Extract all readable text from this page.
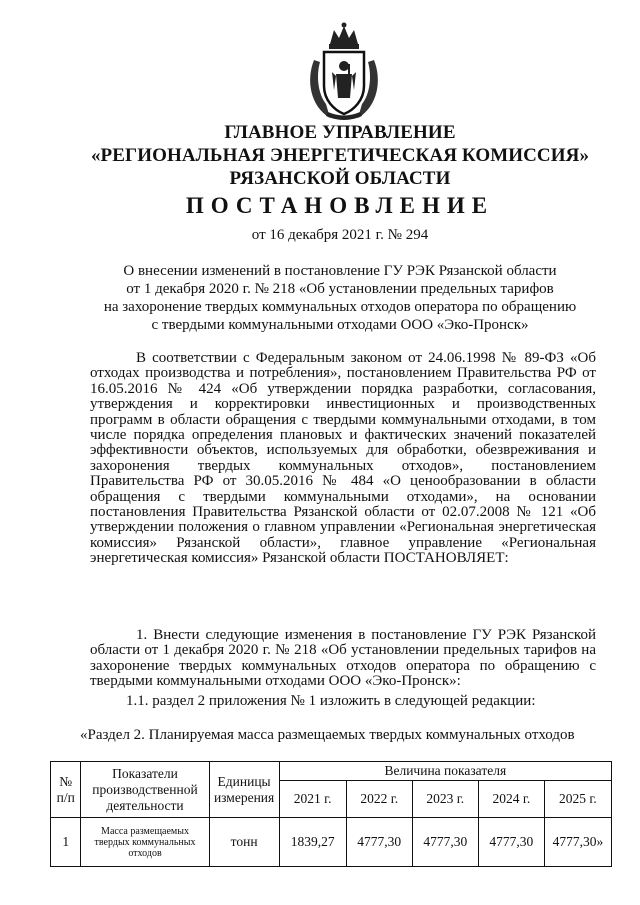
ГЛАВНОЕ УПРАВЛЕНИЕ
«РЕГИОНАЛЬНАЯ ЭНЕРГЕТИЧЕСКАЯ КОМИССИЯ»
РЯЗАНСКОЙ ОБЛАСТИ
ПОСТАНОВЛЕНИЕ
от 16 декабря 2021 г. № 294
О внесении изменений в постановление ГУ РЭК Рязанской области
от 1 декабря 2020 г. № 218 «Об установлении предельных тарифов
на захоронение твердых коммунальных отходов оператора по обращению
с твердыми коммунальными отходами ООО «Эко-Пронск»
В соответствии с Федеральным законом от 24.06.1998 № 89-ФЗ «Об отходах производства и потребления», постановлением Правительства РФ от 16.05.2016 № 424 «Об утверждении порядка разработки, согласования, утверждения и корректировки инвестиционных и производственных программ в области обращения с твердыми коммунальными отходами, в том числе порядка определения плановых и фактических значений показателей эффективности объектов, используемых для обработки, обезвреживания и захоронения твердых коммунальных отходов», постановлением Правительства РФ от 30.05.2016 № 484 «О ценообразовании в области обращения с твердыми коммунальными отходами», на основании постановления Правительства Рязанской области от 02.07.2008 № 121 «Об утверждении положения о главном управлении «Региональная энергетическая комиссия» Рязанской области», главное управление «Региональная энергетическая комиссия» Рязанской области ПОСТАНОВЛЯЕТ:
1. Внести следующие изменения в постановление ГУ РЭК Рязанской области от 1 декабря 2020 г. № 218 «Об установлении предельных тарифов на захоронение твердых коммунальных отходов оператора по обращению с твердыми коммунальными отходами ООО «Эко-Пронск»:
1.1. раздел 2 приложения № 1 изложить в следующей редакции:
«Раздел 2. Планируемая масса размещаемых твердых коммунальных отходов
№ п/п	Показатели производственной деятельности	Единицы измерения	Величина показателя				
			2021 г.	2022 г.	2023 г.	2024 г.	2025 г.
1	Масса размещаемых твердых коммунальных отходов	тонн	1839,27	4777,30	4777,30	4777,30	4777,30»
